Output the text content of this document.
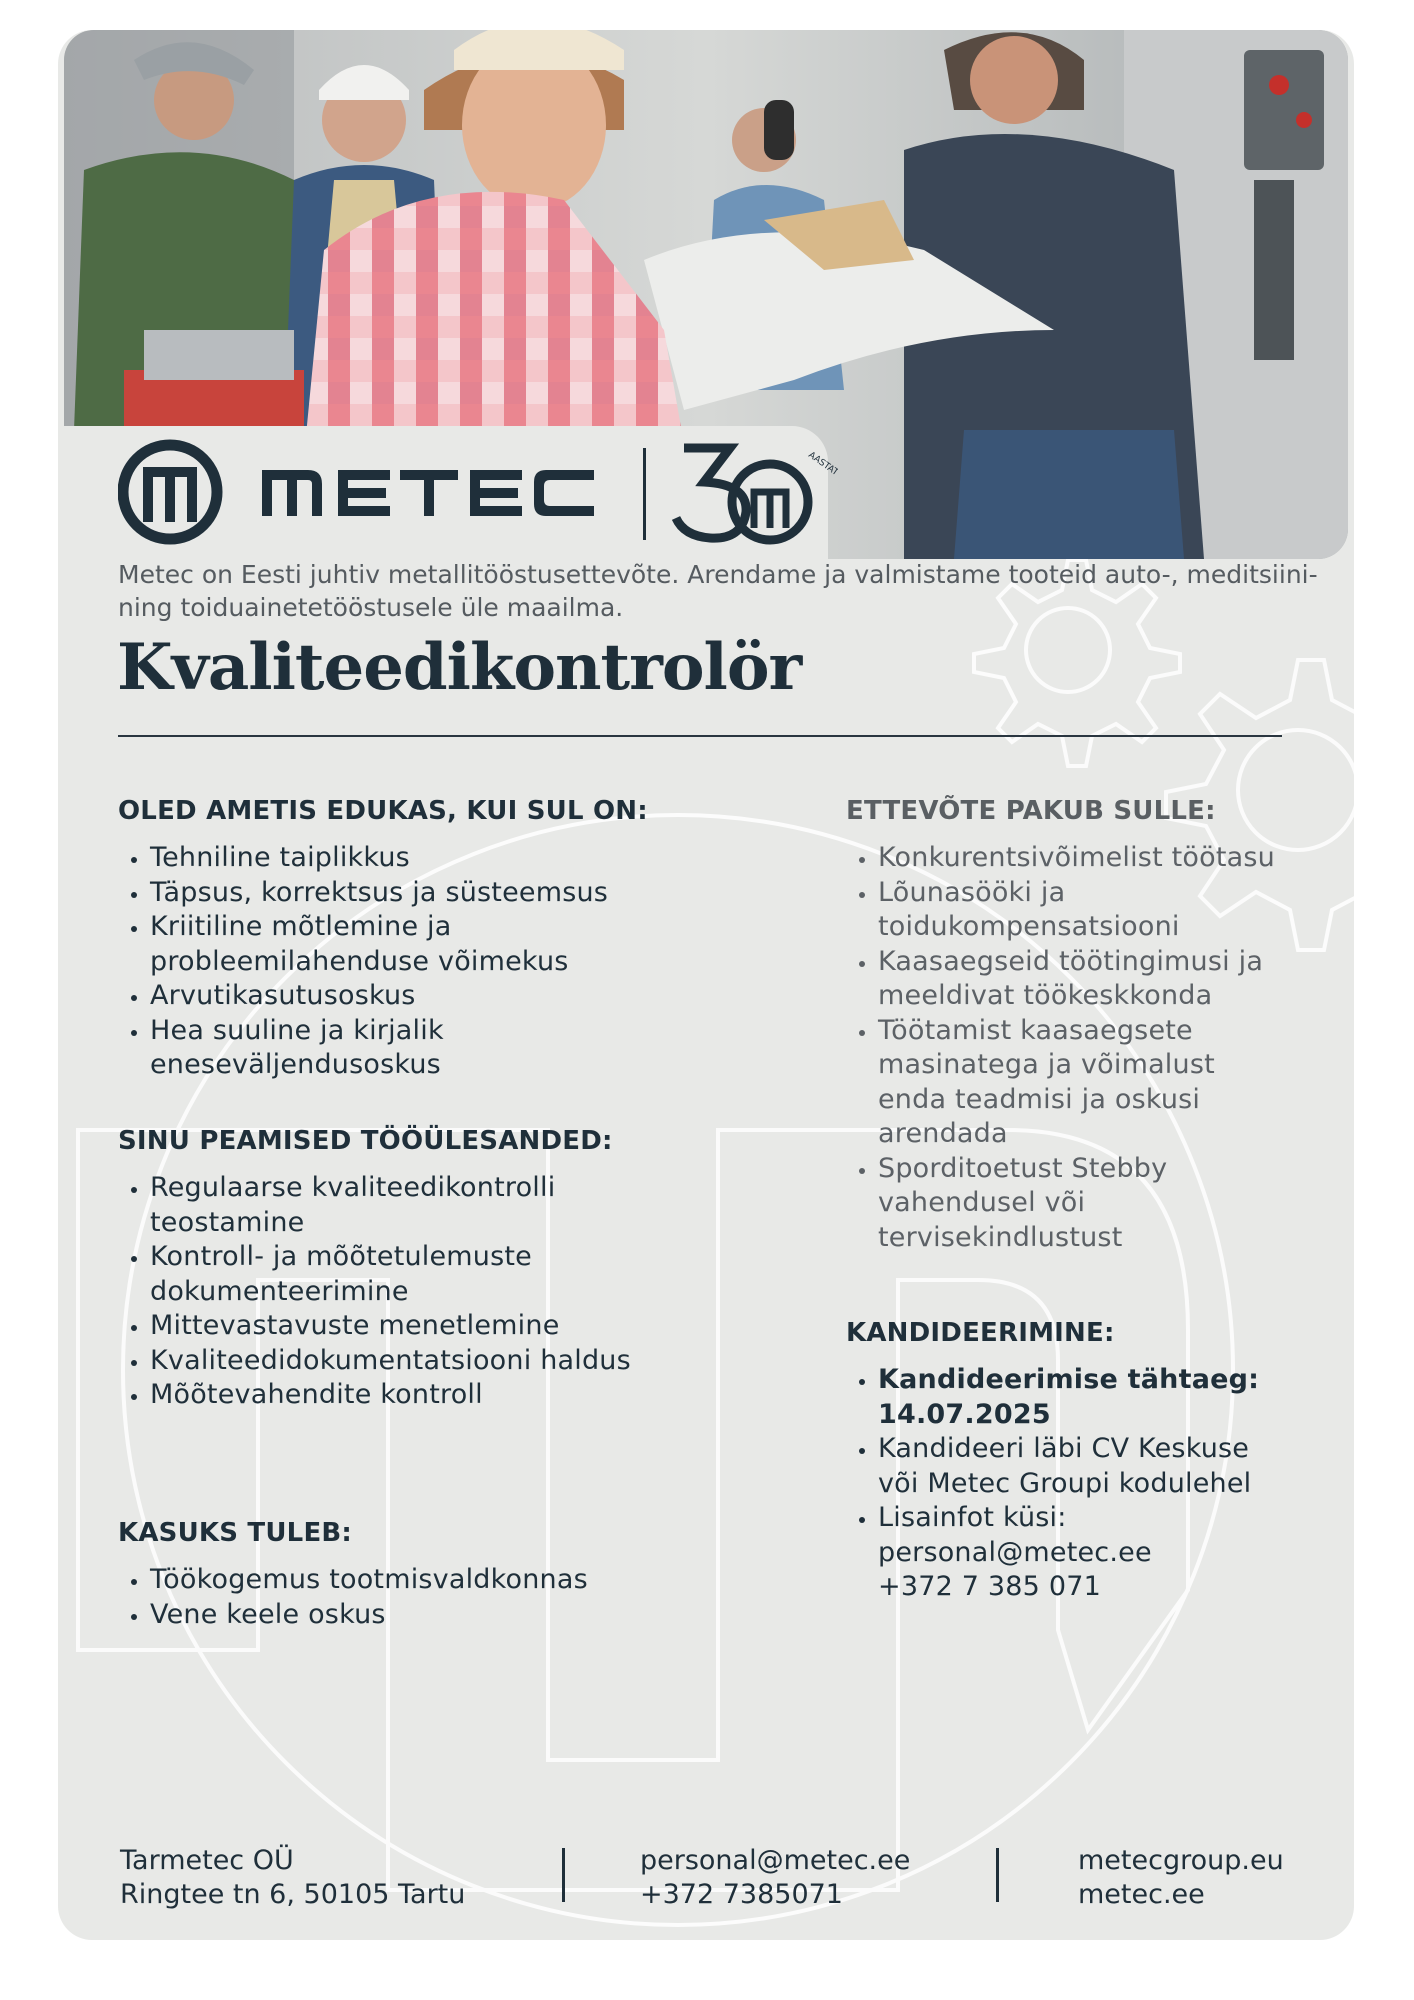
AASTAT
Metec on Eesti juhtiv metallitööstusettevõte. Arendame ja valmistame tooteid auto-, meditsiini- ning toiduainetetööstusele üle maailma.
Kvaliteedikontrolör
OLED AMETIS EDUKAS, KUI SUL ON:
• Tehniline taiplikkus
• Täpsus, korrektsus ja süsteemsus
• Kriitiline mõtlemine ja probleemilahenduse võimekus
• Arvutikasutusoskus
• Hea suuline ja kirjalik eneseväljendusoskus
SINU PEAMISED TÖÖÜLESANDED:
• Regulaarse kvaliteedikontrolli teostamine
• Kontroll- ja mõõtetulemuste dokumenteerimine
• Mittevastavuste menetlemine
• Kvaliteedidokumentatsiooni haldus
• Mõõtevahendite kontroll
KASUKS TULEB:
• Töökogemus tootmisvaldkonnas
• Vene keele oskus
ETTEVÕTE PAKUB SULLE:
• Konkurentsivõimelist töötasu
• Lõunasööki ja toidukompensatsiooni
• Kaasaegseid töötingimusi ja meeldivat töökeskkonda
• Töötamist kaasaegsete masinatega ja võimalust enda teadmisi ja oskusi arendada
• Sporditoetust Stebby vahendusel või tervisekindlustust
KANDIDEERIMINE:
• Kandideerimise tähtaeg: 14.07.2025
• Kandideeri läbi CV Keskuse või Metec Groupi kodulehel
• Lisainfot küsi:
personal@metec.ee
+372 7 385 071
Tarmetec OÜ
Ringtee tn 6, 50105 Tartu
personal@metec.ee
+372 7385071
metecgroup.eu
metec.ee
